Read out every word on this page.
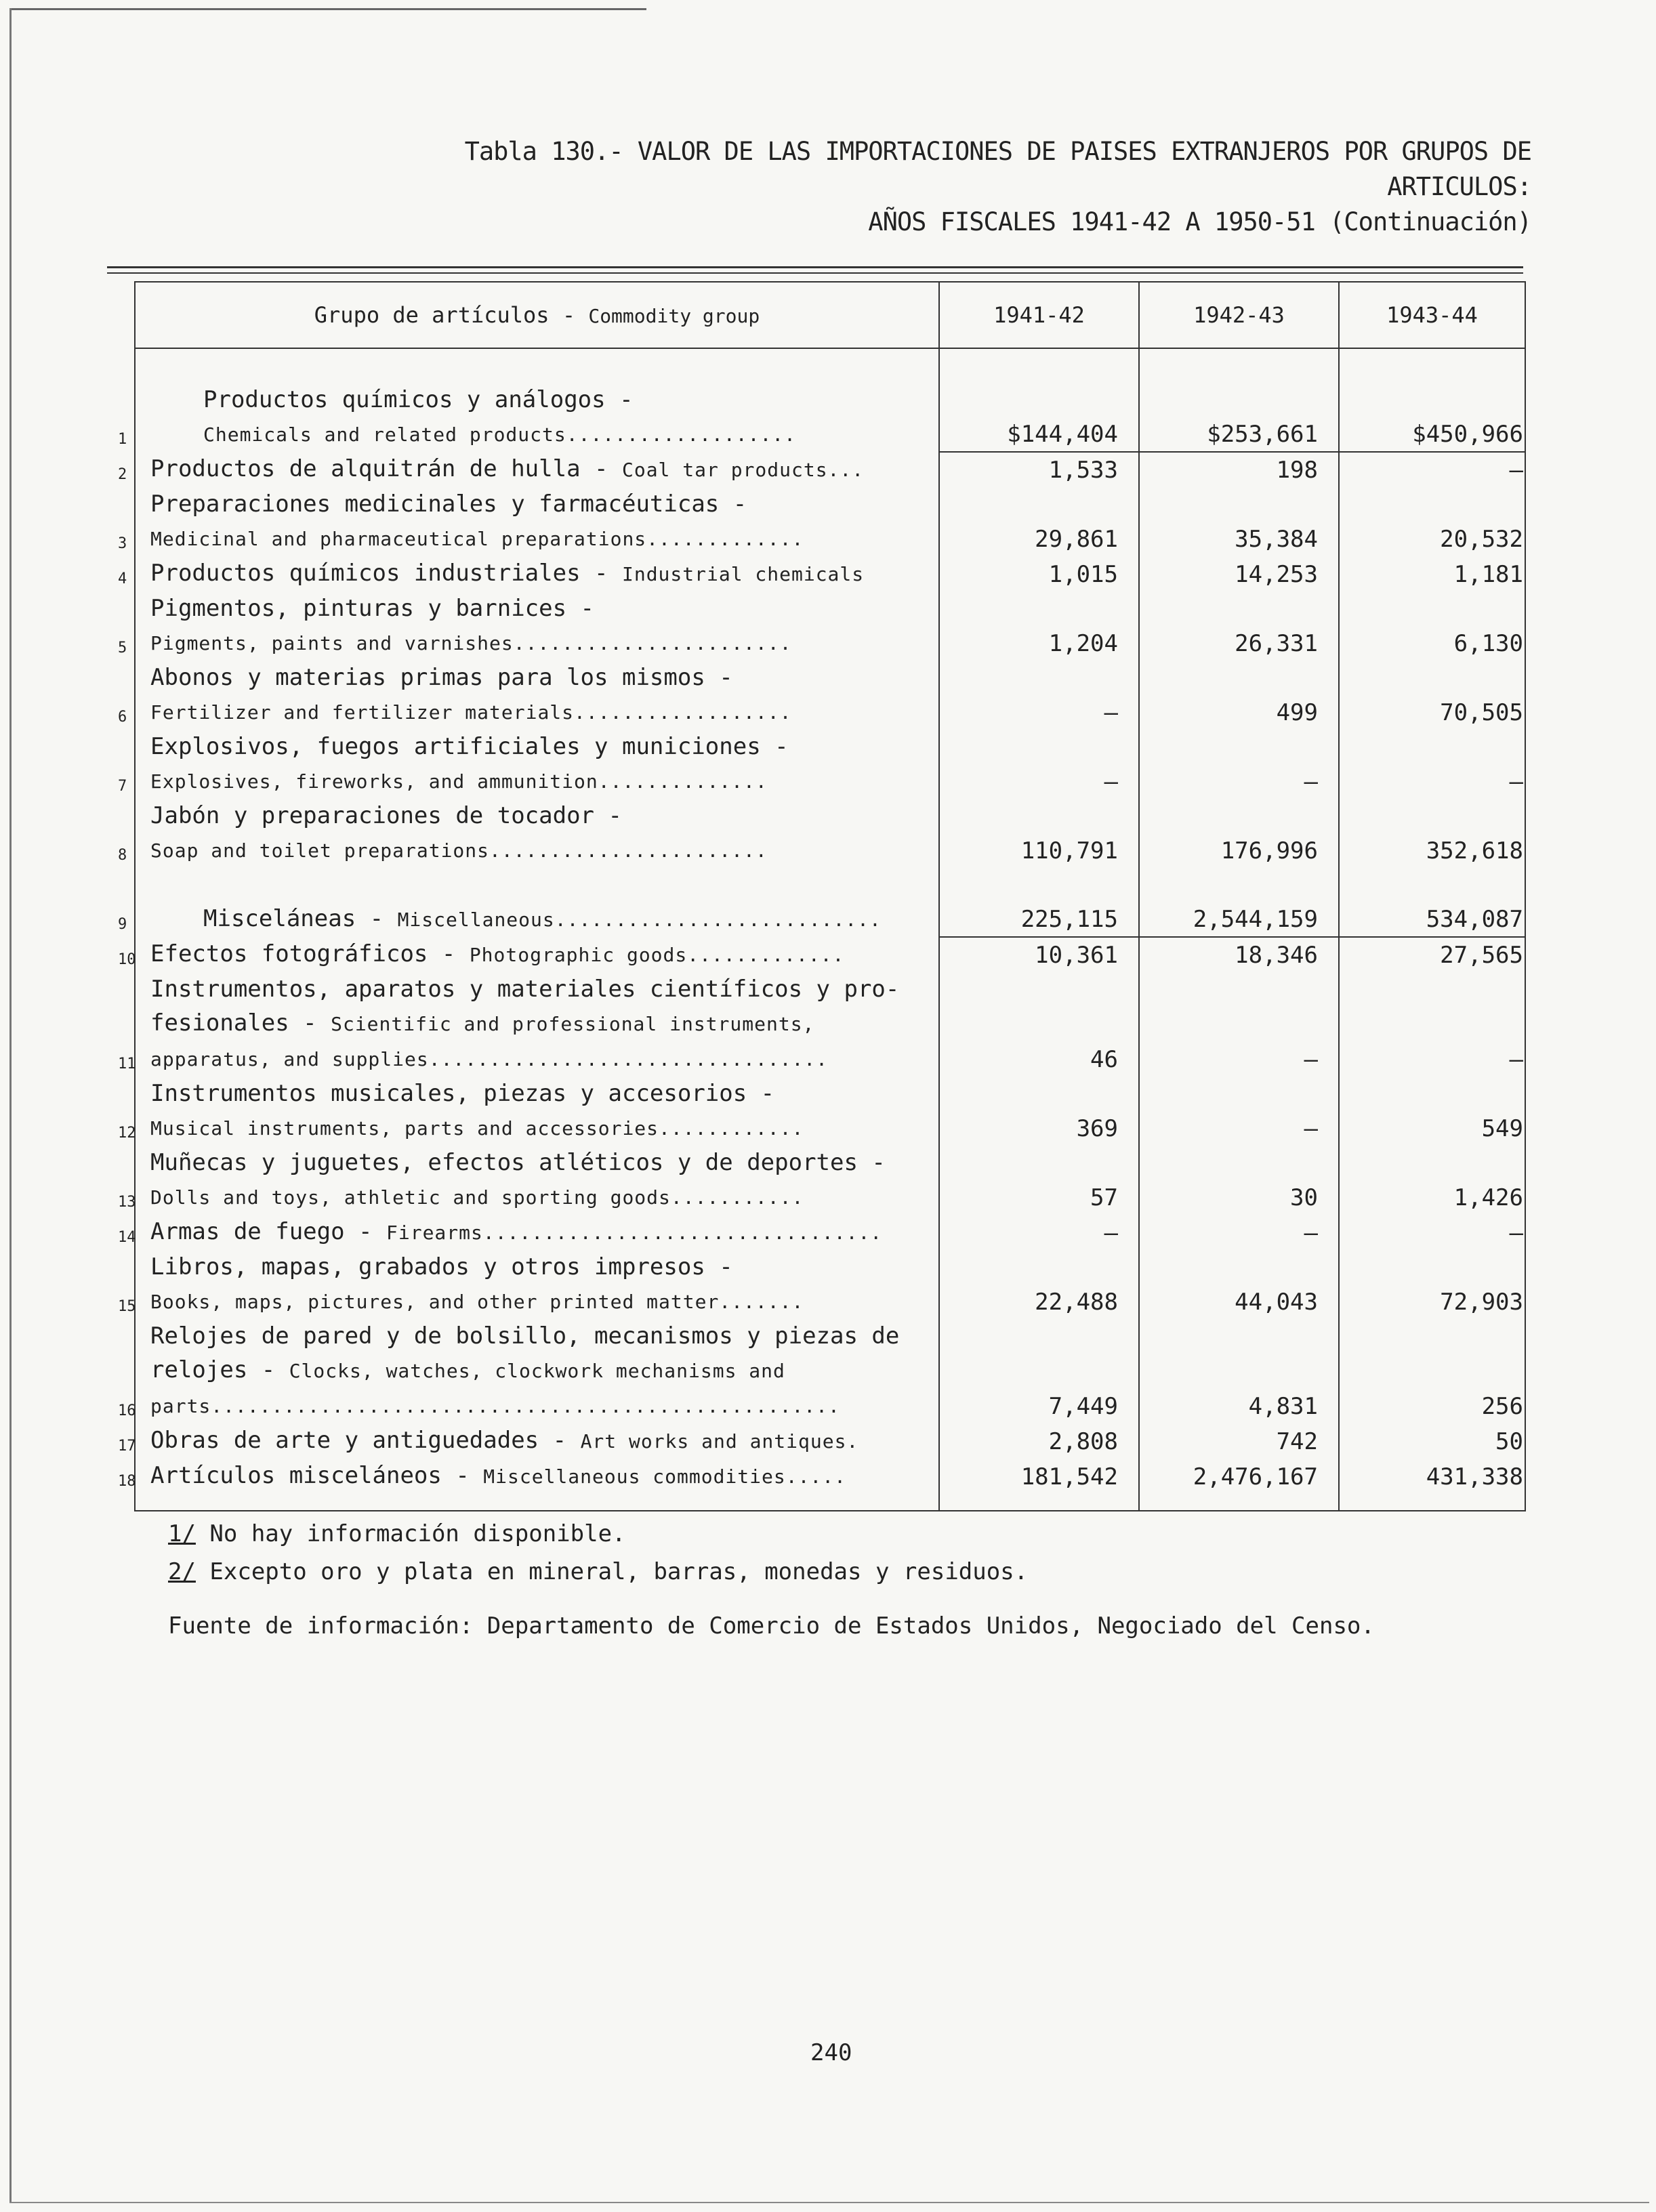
Tabla 130.- VALOR DE LAS IMPORTACIONES DE PAISES EXTRANJEROS POR GRUPOS DE ARTICULOS:
AÑOS FISCALES 1941-42 A 1950-51 (Continuación)
Grupo de artículos - Commodity group	1941-42	1942-43	1943-44

1
Productos químicos y análogos -
Chemicals and related products...................	$144,404	$253,661	$450,966

2 Productos de alquitrán de hulla - Coal tar products...	1,533	198	—

3
Preparaciones medicinales y farmacéuticas -
Medicinal and pharmaceutical preparations.............	29,861	35,384	20,532

4 Productos químicos industriales - Industrial chemicals	1,015	14,253	1,181

5
Pigmentos, pinturas y barnices -
Pigments, paints and varnishes.......................	1,204	26,331	6,130

6
Abonos y materias primas para los mismos -
Fertilizer and fertilizer materials..................	—	499	70,505

7
Explosivos, fuegos artificiales y municiones -
Explosives, fireworks, and ammunition..............	—	—	—

8
Jabón y preparaciones de tocador -
Soap and toilet preparations.......................	110,791	176,996	352,618

9 Misceláneas - Miscellaneous...........................	225,115	2,544,159	534,087

10 Efectos fotográficos - Photographic goods.............	10,361	18,346	27,565

11
Instrumentos, aparatos y materiales científicos y pro-
fesionales - Scientific and professional instruments,
apparatus, and supplies.................................	46	—	—

12
Instrumentos musicales, piezas y accesorios -
Musical instruments, parts and accessories............	369	—	549

13
Muñecas y juguetes, efectos atléticos y de deportes -
Dolls and toys, athletic and sporting goods...........	57	30	1,426

14 Armas de fuego - Firearms.................................	—	—	—

15
Libros, mapas, grabados y otros impresos -
Books, maps, pictures, and other printed matter.......	22,488	44,043	72,903

16
Relojes de pared y de bolsillo, mecanismos y piezas de
relojes - Clocks, watches, clockwork mechanisms and
parts....................................................	7,449	4,831	256

17 Obras de arte y antiguedades - Art works and antiques.	2,808	742	50

18 Artículos misceláneos - Miscellaneous commodities.....	181,542	2,476,167	431,338

1/ No hay información disponible.
2/ Excepto oro y plata en mineral, barras, monedas y residuos.
Fuente de información: Departamento de Comercio de Estados Unidos, Negociado del Censo.
240
